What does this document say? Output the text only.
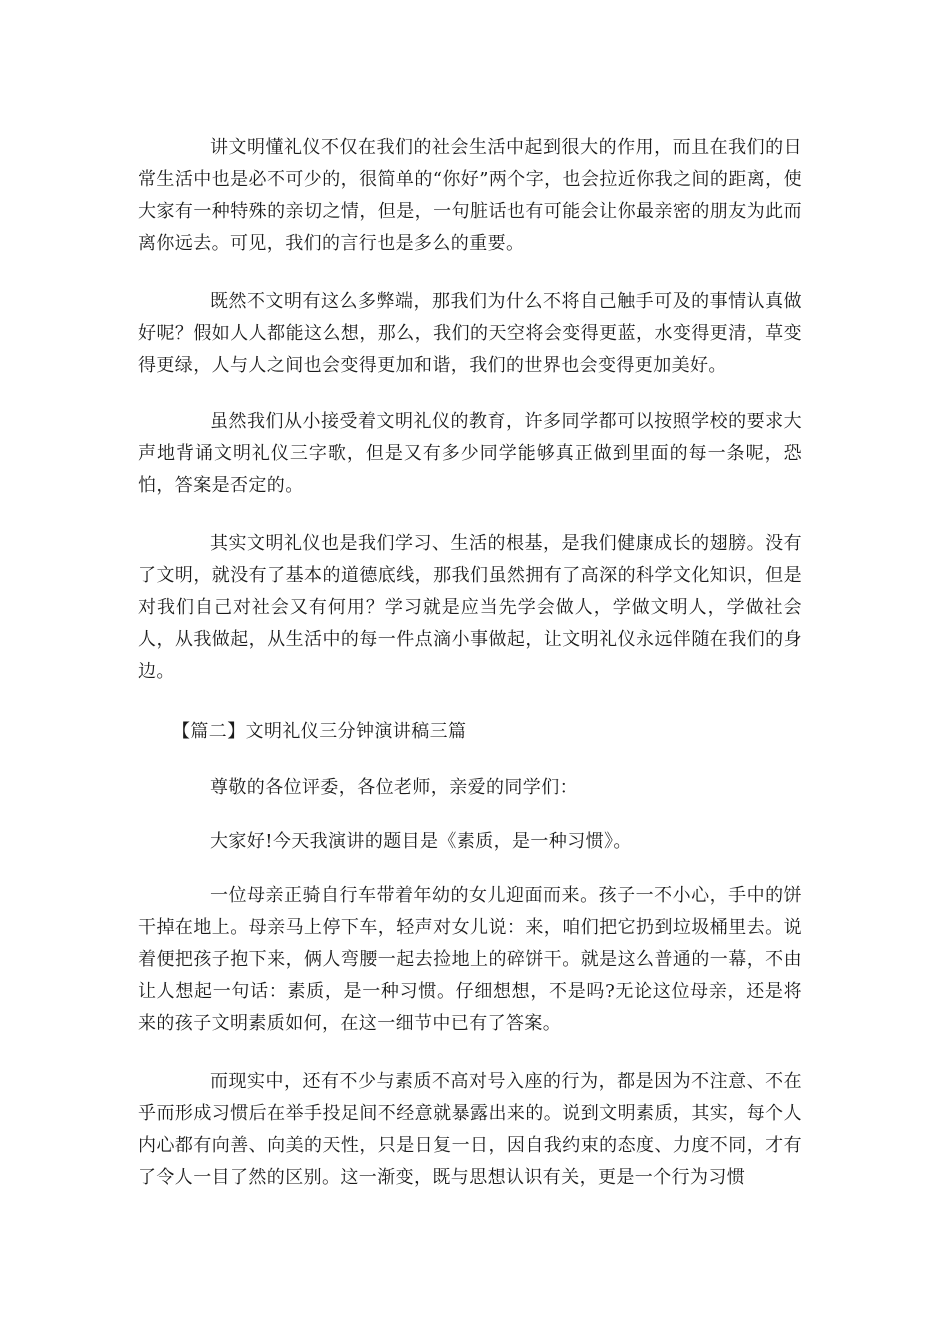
讲文明懂礼仪不仅在我们的社会生活中起到很大的作用，而且在我们的日常生活中也是必不可少的，很简单的“你好”两个字，也会拉近你我之间的距离，使大家有一种特殊的亲切之情，但是，一句脏话也有可能会让你最亲密的朋友为此而离你远去。可见，我们的言行也是多么的重要。

既然不文明有这么多弊端，那我们为什么不将自己触手可及的事情认真做好呢？假如人人都能这么想，那么，我们的天空将会变得更蓝，水变得更清，草变得更绿，人与人之间也会变得更加和谐，我们的世界也会变得更加美好。

虽然我们从小接受着文明礼仪的教育，许多同学都可以按照学校的要求大声地背诵文明礼仪三字歌，但是又有多少同学能够真正做到里面的每一条呢，恐怕，答案是否定的。

其实文明礼仪也是我们学习、生活的根基，是我们健康成长的翅膀。没有了文明，就没有了基本的道德底线，那我们虽然拥有了高深的科学文化知识，但是对我们自己对社会又有何用？学习就是应当先学会做人，学做文明人，学做社会人，从我做起，从生活中的每一件点滴小事做起，让文明礼仪永远伴随在我们的身边。

【篇二】文明礼仪三分钟演讲稿三篇

尊敬的各位评委，各位老师，亲爱的同学们：

大家好!今天我演讲的题目是《素质，是一种习惯》。

一位母亲正骑自行车带着年幼的女儿迎面而来。孩子一不小心，手中的饼干掉在地上。母亲马上停下车，轻声对女儿说：来，咱们把它扔到垃圾桶里去。说着便把孩子抱下来，俩人弯腰一起去捡地上的碎饼干。就是这么普通的一幕，不由让人想起一句话：素质，是一种习惯。仔细想想，不是吗?无论这位母亲，还是将来的孩子文明素质如何，在这一细节中已有了答案。

而现实中，还有不少与素质不高对号入座的行为，都是因为不注意、不在乎而形成习惯后在举手投足间不经意就暴露出来的。说到文明素质，其实，每个人内心都有向善、向美的天性，只是日复一日，因自我约束的态度、力度不同，才有了令人一目了然的区别。这一渐变，既与思想认识有关，更是一个行为习惯
